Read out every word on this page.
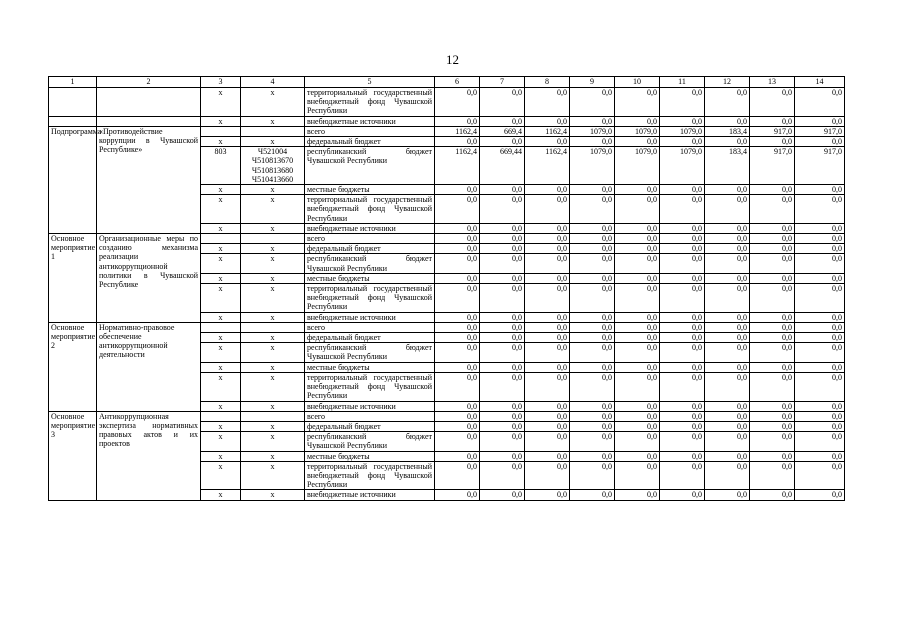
12
1	2	3	4	5	6	7	8	9	10	11	12	13	14
		х	х	территориальный государственный внебюджетный фонд Чувашской Республики	0,0	0,0	0,0	0,0	0,0	0,0	0,0	0,0	0,0
		х	х	внебюджетные источники	0,0	0,0	0,0	0,0	0,0	0,0	0,0	0,0	0,0
Подпрограмма	«Противодействие коррупции в Чувашской Республике»			всего	1162,4	669,4	1162,4	1079,0	1079,0	1079,0	183,4	917,0	917,0
		х	х	федеральный бюджет	0,0	0,0	0,0	0,0	0,0	0,0	0,0	0,0	0,0
		803	Ч521004
Ч510813670
Ч510813680
Ч510413660	республиканский бюджет Чувашской Республики	1162,4	669,44	1162,4	1079,0	1079,0	1079,0	183,4	917,0	917,0
		х	х	местные бюджеты	0,0	0,0	0,0	0,0	0,0	0,0	0,0	0,0	0,0
		х	х	территориальный государственный внебюджетный фонд Чувашской Республики	0,0	0,0	0,0	0,0	0,0	0,0	0,0	0,0	0,0
		х	х	внебюджетные источники	0,0	0,0	0,0	0,0	0,0	0,0	0,0	0,0	0,0
Основное мероприятие 1	Организационные меры по созданию механизма реализации антикоррупционной политики в Чувашской Республике			всего	0,0	0,0	0,0	0,0	0,0	0,0	0,0	0,0	0,0
		х	х	федеральный бюджет	0,0	0,0	0,0	0,0	0,0	0,0	0,0	0,0	0,0
		х	х	республиканский бюджет Чувашской Республики	0,0	0,0	0,0	0,0	0,0	0,0	0,0	0,0	0,0
		х	х	местные бюджеты	0,0	0,0	0,0	0,0	0,0	0,0	0,0	0,0	0,0
		х	х	территориальный государственный внебюджетный фонд Чувашской Республики	0,0	0,0	0,0	0,0	0,0	0,0	0,0	0,0	0,0
		х	х	внебюджетные источники	0,0	0,0	0,0	0,0	0,0	0,0	0,0	0,0	0,0
Основное мероприятие 2	Нормативно-правовое обеспечение антикоррупционной деятельности			всего	0,0	0,0	0,0	0,0	0,0	0,0	0,0	0,0	0,0
		х	х	федеральный бюджет	0,0	0,0	0,0	0,0	0,0	0,0	0,0	0,0	0,0
		х	х	республиканский бюджет Чувашской Республики	0,0	0,0	0,0	0,0	0,0	0,0	0,0	0,0	0,0
		х	х	местные бюджеты	0,0	0,0	0,0	0,0	0,0	0,0	0,0	0,0	0,0
		х	х	территориальный государственный внебюджетный фонд Чувашской Республики	0,0	0,0	0,0	0,0	0,0	0,0	0,0	0,0	0,0
		х	х	внебюджетные источники	0,0	0,0	0,0	0,0	0,0	0,0	0,0	0,0	0,0
Основное мероприятие 3	Антикоррупционная экспертиза нормативных правовых актов и их проектов			всего	0,0	0,0	0,0	0,0	0,0	0,0	0,0	0,0	0,0
		х	х	федеральный бюджет	0,0	0,0	0,0	0,0	0,0	0,0	0,0	0,0	0,0
		х	х	республиканский бюджет Чувашской Республики	0,0	0,0	0,0	0,0	0,0	0,0	0,0	0,0	0,0
		х	х	местные бюджеты	0,0	0,0	0,0	0,0	0,0	0,0	0,0	0,0	0,0
		х	х	территориальный государственный внебюджетный фонд Чувашской Республики	0,0	0,0	0,0	0,0	0,0	0,0	0,0	0,0	0,0
		х	х	внебюджетные источники	0,0	0,0	0,0	0,0	0,0	0,0	0,0	0,0	0,0
